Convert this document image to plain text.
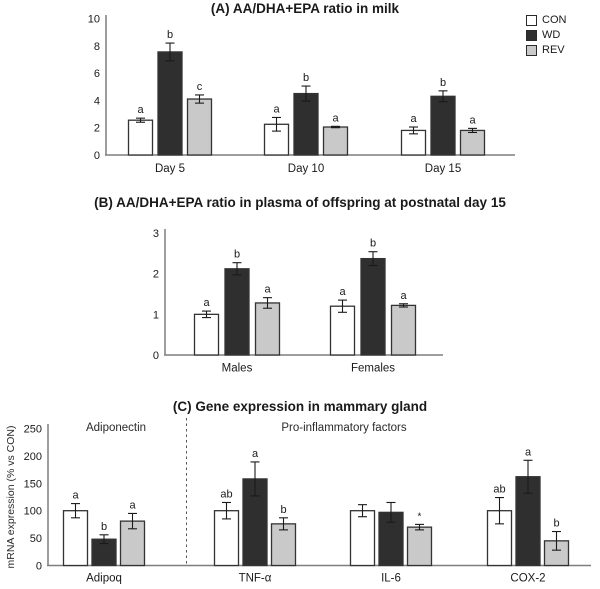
(A) AA/DHA+EPA ratio in milk
(B) AA/DHA+EPA ratio in plasma of offspring at postnatal day 15
(C) Gene expression in mammary gland
mRNA expression (% vs CON)	Adiponectin	Pro-inflammatory factors
CON
WD
REV
0
2
4
6
8
10
Day 5	Day 10	Day 15
a	a
a
b
b	b
c
a	a
0
1
2
3
Males	Females
a
a
b
b
a
a
0
50
100
150
200
250
Adipoq	TNF-α	IL-6	COX-2
a	ab	ab
b
a	a
a	b
*
b
